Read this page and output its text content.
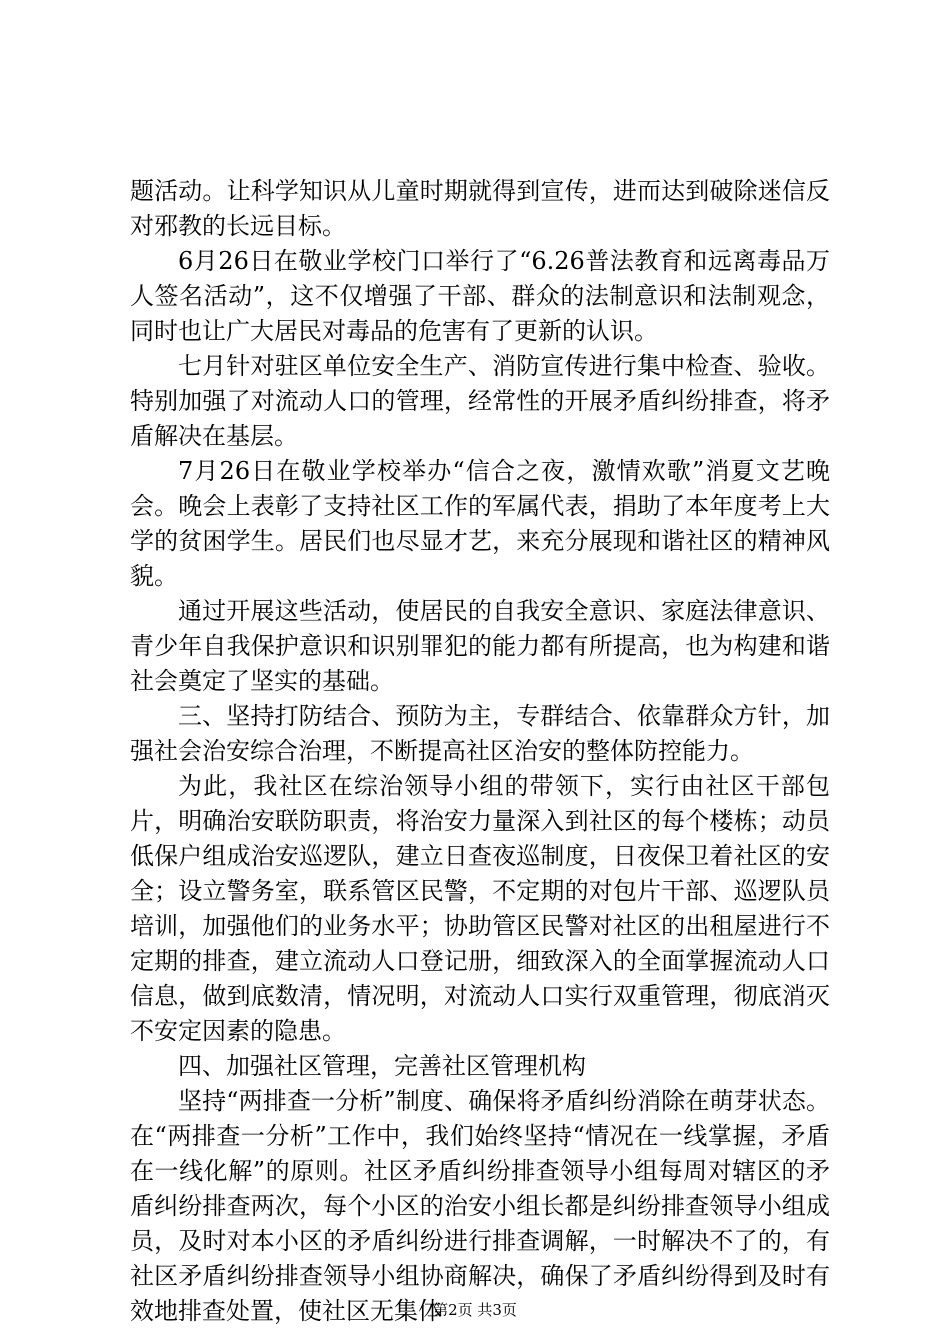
题活动。让科学知识从儿童时期就得到宣传，进而达到破除迷信反对邪教的长远目标。

6月26日在敬业学校门口举行了“6.26普法教育和远离毒品万人签名活动”，这不仅增强了干部、群众的法制意识和法制观念，同时也让广大居民对毒品的危害有了更新的认识。

七月针对驻区单位安全生产、消防宣传进行集中检查、验收。特别加强了对流动人口的管理，经常性的开展矛盾纠纷排查，将矛盾解决在基层。

7月26日在敬业学校举办“信合之夜，激情欢歌”消夏文艺晚会。晚会上表彰了支持社区工作的军属代表，捐助了本年度考上大学的贫困学生。居民们也尽显才艺，来充分展现和谐社区的精神风貌。

通过开展这些活动，使居民的自我安全意识、家庭法律意识、青少年自我保护意识和识别罪犯的能力都有所提高，也为构建和谐社会奠定了坚实的基础。

三、坚持打防结合、预防为主，专群结合、依靠群众方针，加强社会治安综合治理，不断提高社区治安的整体防控能力。

为此，我社区在综治领导小组的带领下，实行由社区干部包片，明确治安联防职责，将治安力量深入到社区的每个楼栋；动员低保户组成治安巡逻队，建立日查夜巡制度，日夜保卫着社区的安全；设立警务室，联系管区民警，不定期的对包片干部、巡逻队员培训，加强他们的业务水平；协助管区民警对社区的出租屋进行不定期的排查，建立流动人口登记册，细致深入的全面掌握流动人口信息，做到底数清，情况明，对流动人口实行双重管理，彻底消灭不安定因素的隐患。

四、加强社区管理，完善社区管理机构

坚持“两排查一分析”制度、确保将矛盾纠纷消除在萌芽状态。在“两排查一分析”工作中，我们始终坚持“情况在一线掌握，矛盾在一线化解”的原则。社区矛盾纠纷排查领导小组每周对辖区的矛盾纠纷排查两次，每个小区的治安小组长都是纠纷排查领导小组成员，及时对本小区的矛盾纠纷进行排查调解，一时解决不了的，有社区矛盾纠纷排查领导小组协商解决，确保了矛盾纠纷得到及时有效地排查处置，使社区无集体

第2页 共3页
